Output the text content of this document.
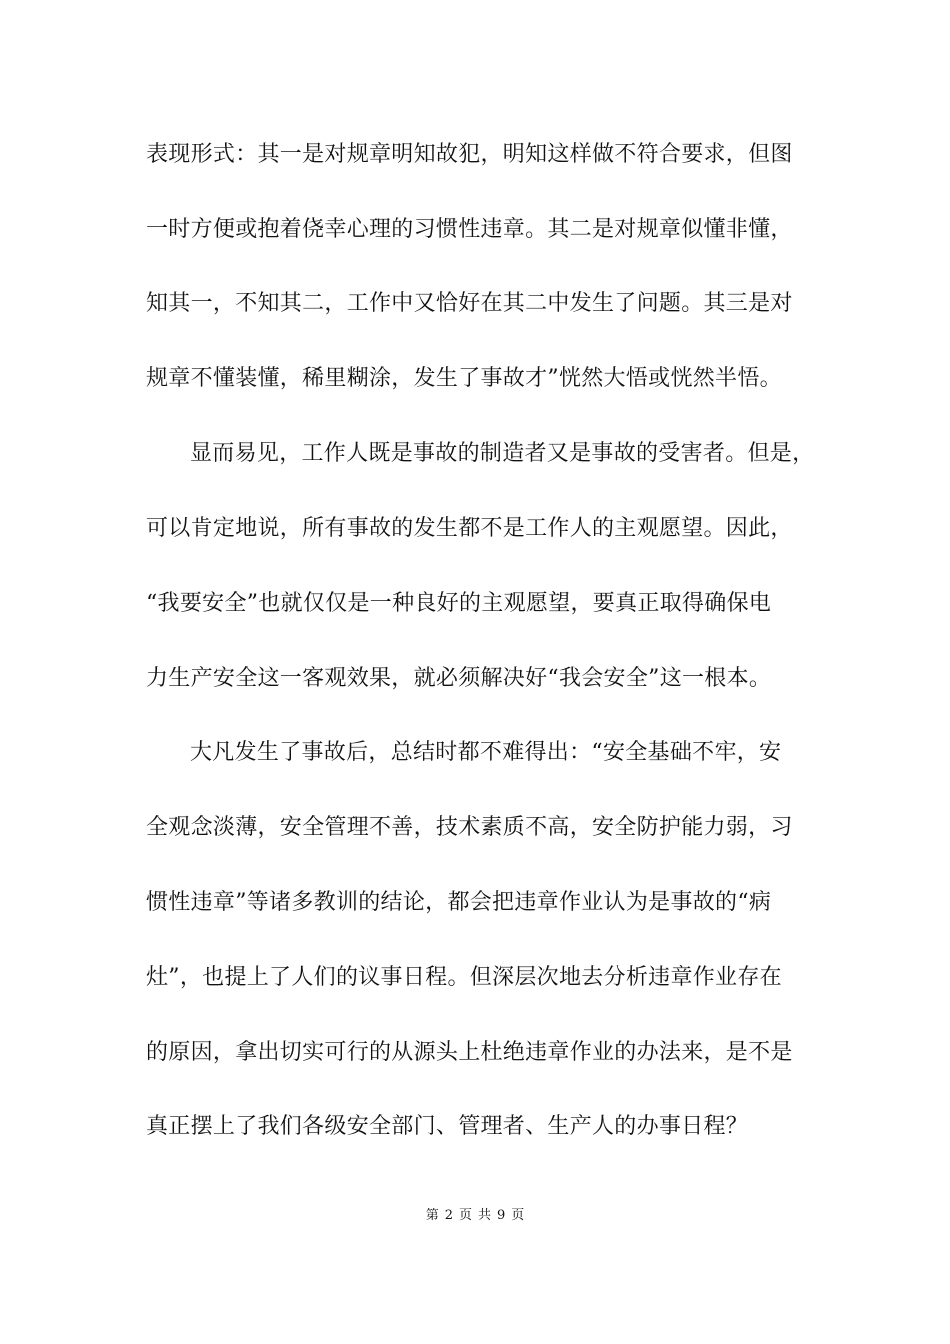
表现形式：其一是对规章明知故犯，明知这样做不符合要求，但图
一时方便或抱着侥幸心理的习惯性违章。其二是对规章似懂非懂，
知其一，不知其二，工作中又恰好在其二中发生了问题。其三是对
规章不懂装懂，稀里糊涂，发生了事故才”恍然大悟或恍然半悟。
显而易见，工作人既是事故的制造者又是事故的受害者。但是，
可以肯定地说，所有事故的发生都不是工作人的主观愿望。因此，
“我要安全”也就仅仅是一种良好的主观愿望，要真正取得确保电
力生产安全这一客观效果，就必须解决好“我会安全”这一根本。
大凡发生了事故后，总结时都不难得出：“安全基础不牢，安
全观念淡薄，安全管理不善，技术素质不高，安全防护能力弱，习
惯性违章”等诸多教训的结论，都会把违章作业认为是事故的“病
灶”，也提上了人们的议事日程。但深层次地去分析违章作业存在
的原因，拿出切实可行的从源头上杜绝违章作业的办法来，是不是
真正摆上了我们各级安全部门、管理者、生产人的办事日程？
第 2 页 共 9 页
